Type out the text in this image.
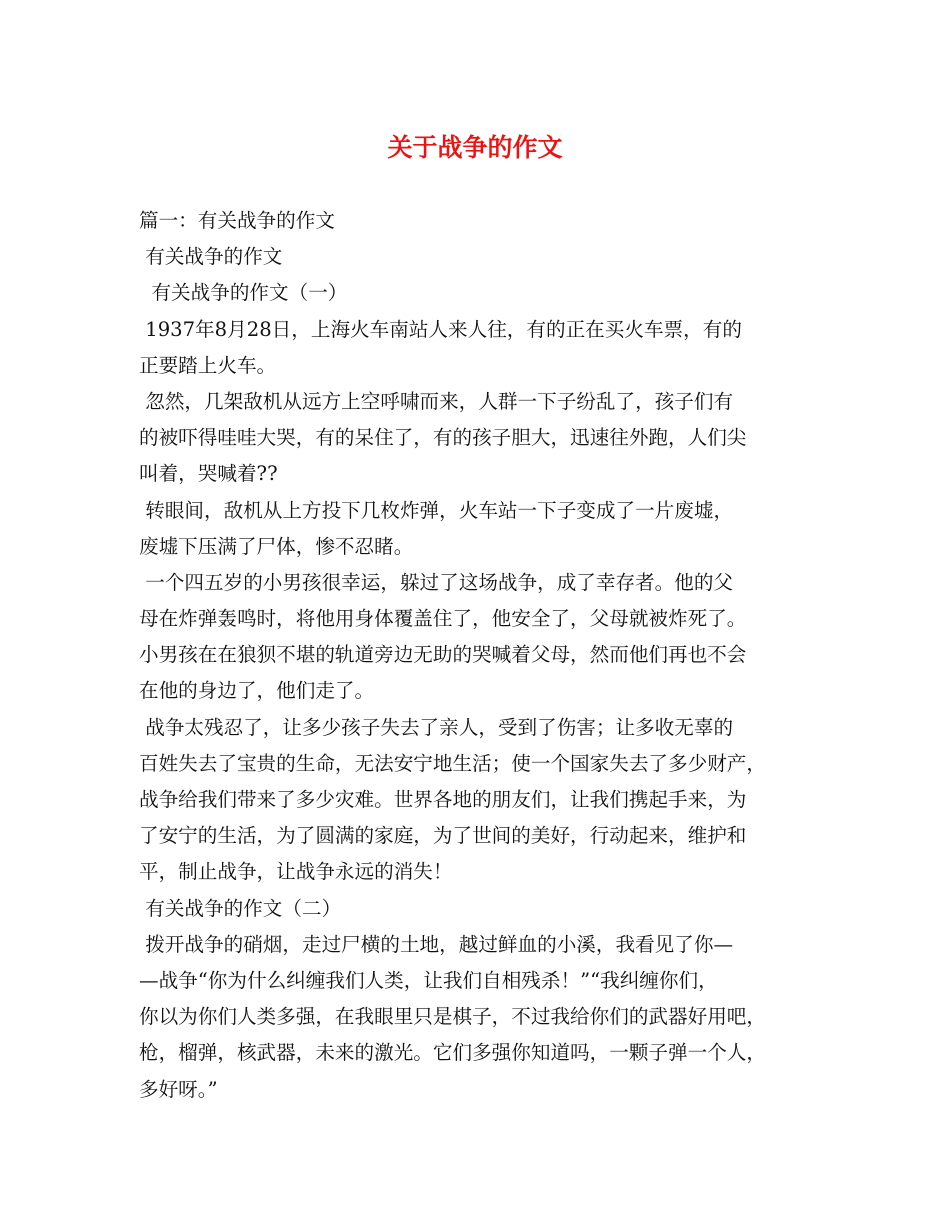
关于战争的作文
篇一：有关战争的作文
有关战争的作文
有关战争的作文（一）
1937年8月28日，上海火车南站人来人往，有的正在买火车票，有的
正要踏上火车。
忽然，几架敌机从远方上空呼啸而来，人群一下子纷乱了，孩子们有
的被吓得哇哇大哭，有的呆住了，有的孩子胆大，迅速往外跑，人们尖
叫着，哭喊着??
转眼间，敌机从上方投下几枚炸弹，火车站一下子变成了一片废墟，
废墟下压满了尸体，惨不忍睹。
一个四五岁的小男孩很幸运，躲过了这场战争，成了幸存者。他的父
母在炸弹轰鸣时，将他用身体覆盖住了，他安全了，父母就被炸死了。
小男孩在在狼狈不堪的轨道旁边无助的哭喊着父母，然而他们再也不会
在他的身边了，他们走了。
战争太残忍了，让多少孩子失去了亲人，受到了伤害；让多收无辜的
百姓失去了宝贵的生命，无法安宁地生活；使一个国家失去了多少财产，
战争给我们带来了多少灾难。世界各地的朋友们，让我们携起手来，为
了安宁的生活，为了圆满的家庭，为了世间的美好，行动起来，维护和
平，制止战争，让战争永远的消失！
有关战争的作文（二）
拨开战争的硝烟，走过尸横的土地，越过鲜血的小溪，我看见了你—
—战争“你为什么纠缠我们人类，让我们自相残杀！”“我纠缠你们，
你以为你们人类多强，在我眼里只是棋子，不过我给你们的武器好用吧，
枪，榴弹，核武器，未来的激光。它们多强你知道吗，一颗子弹一个人，
多好呀。”
